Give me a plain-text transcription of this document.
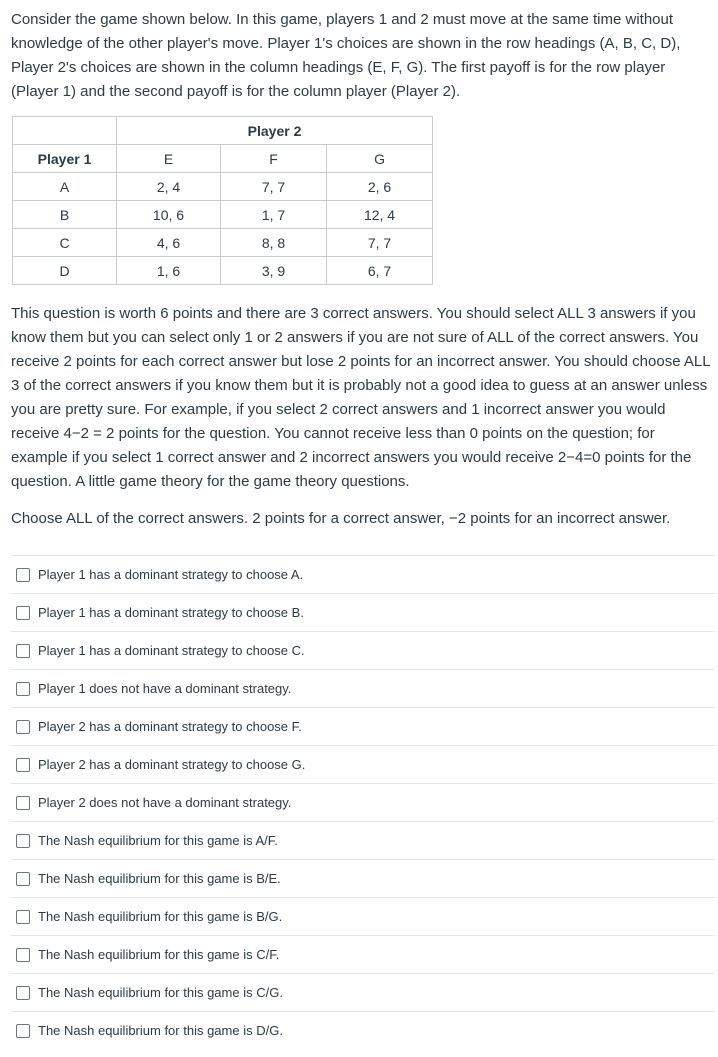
Consider the game shown below. In this game, players 1 and 2 must move at the same time without knowledge of the other player's move. Player 1's choices are shown in the row headings (A, B, C, D), Player 2's choices are shown in the column headings (E, F, G). The first payoff is for the row player (Player 1) and the second payoff is for the column player (Player 2).

	Player 2		
Player 1	E	F	G
A	2, 4	7, 7	2, 6
B	10, 6	1, 7	12, 4
C	4, 6	8, 8	7, 7
D	1, 6	3, 9	6, 7

This question is worth 6 points and there are 3 correct answers. You should select ALL 3 answers if you know them but you can select only 1 or 2 answers if you are not sure of ALL of the correct answers. You receive 2 points for each correct answer but lose 2 points for an incorrect answer. You should choose ALL 3 of the correct answers if you know them but it is probably not a good idea to guess at an answer unless you are pretty sure. For example, if you select 2 correct answers and 1 incorrect answer you would receive 4−2 = 2 points for the question. You cannot receive less than 0 points on the question; for example if you select 1 correct answer and 2 incorrect answers you would receive 2−4=0 points for the question. A little game theory for the game theory questions.

Choose ALL of the correct answers. 2 points for a correct answer, −2 points for an incorrect answer.

Player 1 has a dominant strategy to choose A.
Player 1 has a dominant strategy to choose B.
Player 1 has a dominant strategy to choose C.
Player 1 does not have a dominant strategy.
Player 2 has a dominant strategy to choose F.
Player 2 has a dominant strategy to choose G.
Player 2 does not have a dominant strategy.
The Nash equilibrium for this game is A/F.
The Nash equilibrium for this game is B/E.
The Nash equilibrium for this game is B/G.
The Nash equilibrium for this game is C/F.
The Nash equilibrium for this game is C/G.
The Nash equilibrium for this game is D/G.
